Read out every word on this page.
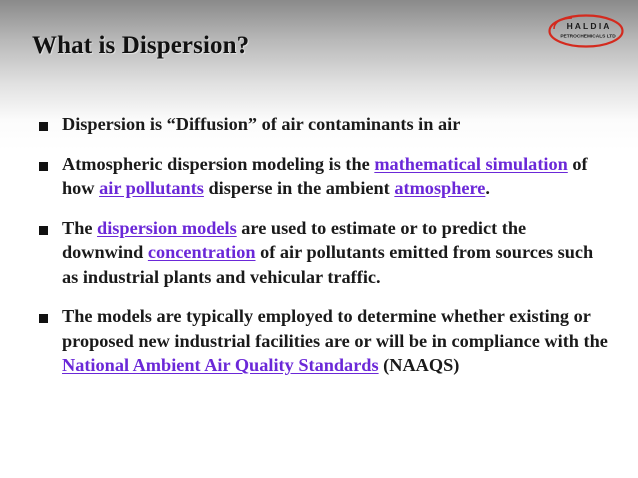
What is Dispersion?
H A L D I A
PETROCHEMICALS LTD
Dispersion is “Diffusion” of air contaminants in air
Atmospheric dispersion modeling is the mathematical simulation of how air pollutants disperse in the ambient atmosphere.
The dispersion models are used to estimate or to predict the downwind concentration of air pollutants emitted from sources such as industrial plants and vehicular traffic.
The models are typically employed to determine whether existing or proposed new industrial facilities are or will be in compliance with the National Ambient Air Quality Standards (NAAQS)
